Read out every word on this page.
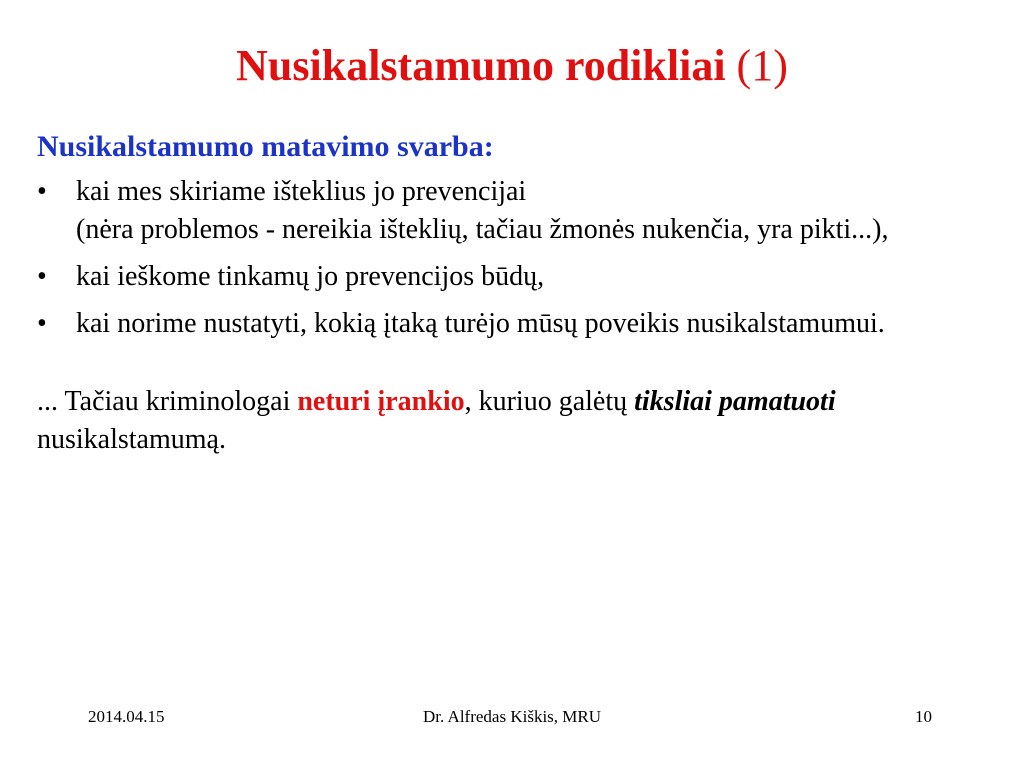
Nusikalstamumo rodikliai (1)
Nusikalstamumo matavimo svarba:
• kai mes skiriame išteklius jo prevencijai
(nėra problemos - nereikia išteklių, tačiau žmonės nukenčia, yra pikti...),
• kai ieškome tinkamų jo prevencijos būdų,
• kai norime nustatyti, kokią įtaką turėjo mūsų poveikis nusikalstamumui.
... Tačiau kriminologai neturi įrankio, kuriuo galėtų tiksliai pamatuoti nusikalstamumą.
2014.04.15	Dr. Alfredas Kiškis, MRU	10
